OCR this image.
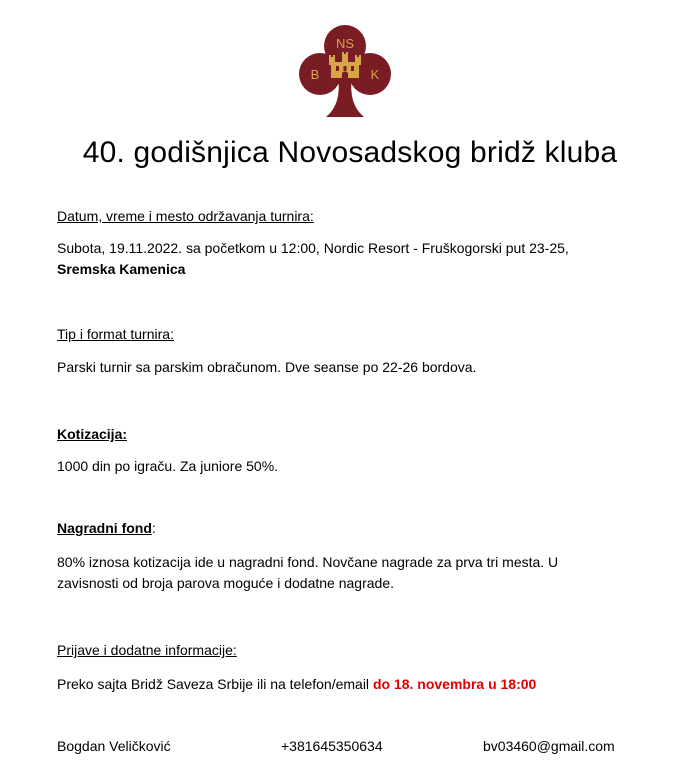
NS
B	K
40. godišnjica Novosadskog bridž kluba
Datum, vreme i mesto održavanja turnira:
Subota, 19.11.2022. sa početkom u 12:00, Nordic Resort - Fruškogorski put 23-25,
Sremska Kamenica
Tip i format turnira:
Parski turnir sa parskim obračunom. Dve seanse po 22-26 bordova.
Kotizacija:
1000 din po igraču. Za juniore 50%.
Nagradni fond:
80% iznosa kotizacija ide u nagradni fond. Novčane nagrade za prva tri mesta. U
zavisnosti od broja parova moguće i dodatne nagrade.
Prijave i dodatne informacije:
Preko sajta Bridž Saveza Srbije ili na telefon/email do 18. novembra u 18:00
Bogdan Veličković	+381645350634	bv03460@gmail.com
